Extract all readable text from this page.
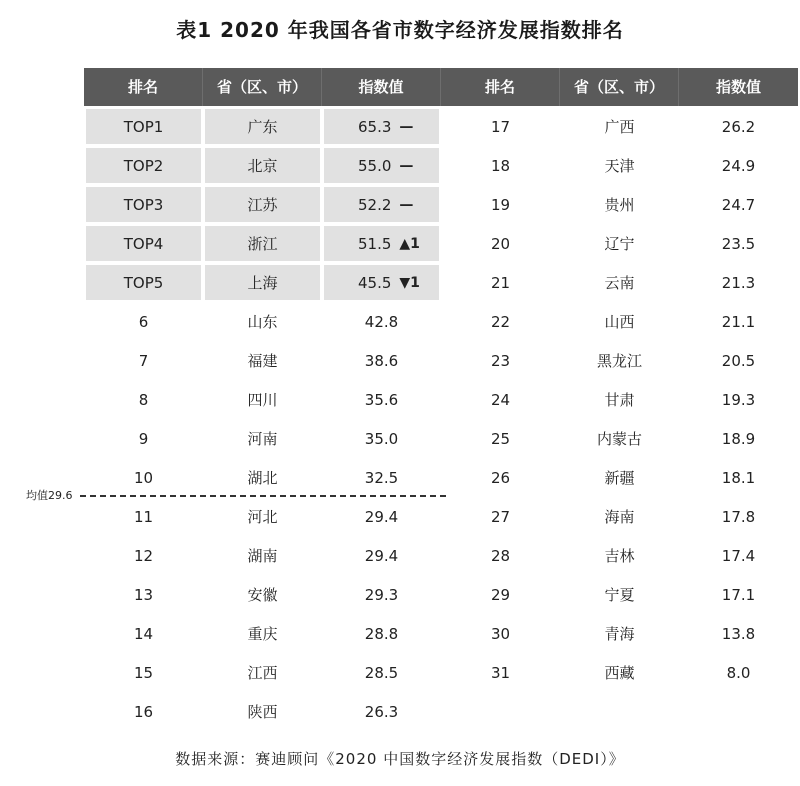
表1 2020 年我国各省市数字经济发展指数排名
排名	省（区、市）	指数值	排名	省（区、市）	指数值
TOP1	广东	65.3 —
TOP2	北京	55.0 —
TOP3	江苏	52.2 —
TOP4	浙江	51.5 ▲1
TOP5	上海	45.5 ▼1
6	山东	42.8
7	福建	38.6
8	四川	35.6
9	河南	35.0
10	湖北	32.5
11	河北	29.4
12	湖南	29.4
13	安徽	29.3
14	重庆	28.8
15	江西	28.5
16	陕西	26.3
17	广西	26.2
18	天津	24.9
19	贵州	24.7
20	辽宁	23.5
21	云南	21.3
22	山西	21.1
23	黑龙江	20.5
24	甘肃	19.3
25	内蒙古	18.9
26	新疆	18.1
27	海南	17.8
28	吉林	17.4
29	宁夏	17.1
30	青海	13.8
31	西藏	8.0
均值29.6
数据来源：赛迪顾问《2020 中国数字经济发展指数（DEDI）》
